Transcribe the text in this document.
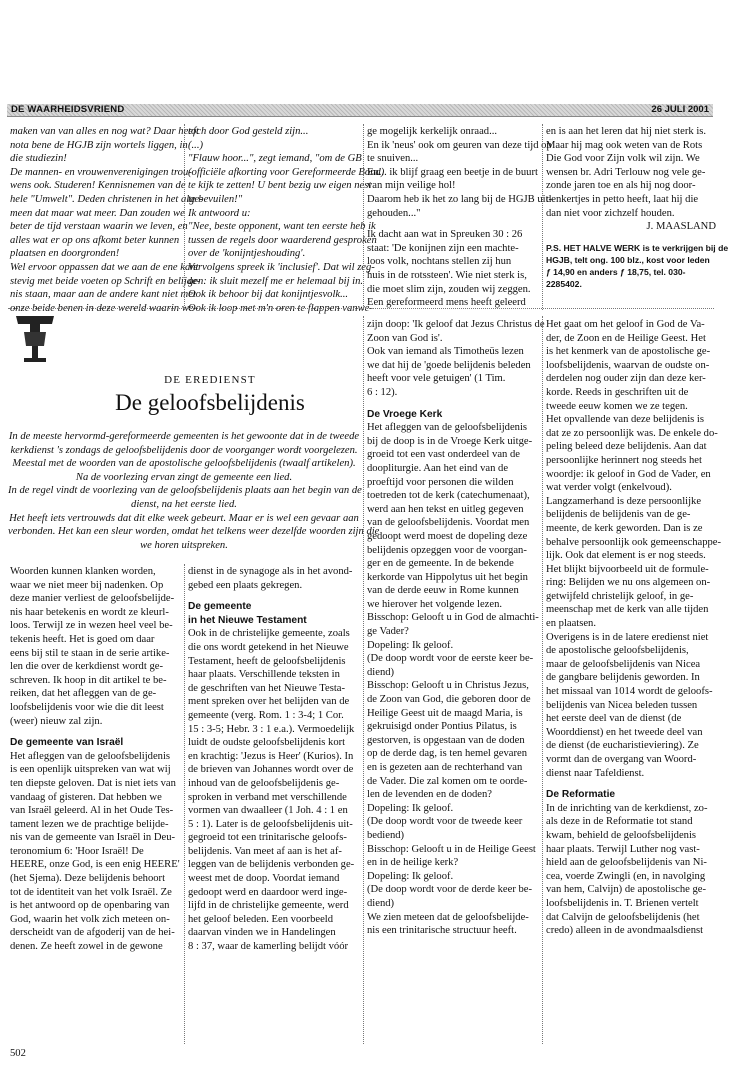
DE WAARHEIDSVRIEND	26 JULI 2001
maken van van alles en nog wat? Daar heeft
nota bene de HGJB zijn wortels liggen, in
die studiezin!
De mannen- en vrouwenverenigingen trou-
wens ook. Studeren! Kennisnemen van de
hele "Umwelt". Deden christenen in het alge-
meen dat maar wat meer. Dan zouden we
beter de tijd verstaan waarin we leven, en
alles wat er op ons afkomt beter kunnen
plaatsen en doorgronden!
Wel ervoor oppassen dat we aan de ene kant
stevig met beide voeten op Schrift en belijde-
nis staan, maar aan de andere kant niet met
onze beide benen in deze wereld waarin we
toch door God gesteld zijn...
(...)
"Flauw hoor...", zegt iemand, "om de GB
(officiële afkorting voor Gereformeerde Bond)
te kijk te zetten! U bent bezig uw eigen nest
te bevuilen!"
Ik antwoord u:
"Nee, beste opponent, want ten eerste heb ik
tussen de regels door waarderend gesproken
over de 'konijntjeshouding'.
Vervolgens spreek ik 'inclusief'. Dat wil zeg-
gen: ik sluit mezelf me er helemaal bij in.
Ook ik behoor bij dat konijntjesvolk...
Ook ik loop met m'n oren te flappen vanwe-
ge mogelijk kerkelijk onraad...
En ik 'neus' ook om geuren van deze tijd op
te snuiven...
En... ik blijf graag een beetje in de buurt
van mijn veilige hol!
Daarom heb ik het zo lang bij de HGJB uit-
gehouden..."

Ik dacht aan wat in Spreuken 30 : 26
staat: 'De konijnen zijn een machte-
loos volk, nochtans stellen zij hun
huis in de rotssteen'. Wie niet sterk is,
die moet slim zijn, zouden wij zeggen.
Een gereformeerd mens heeft geleerd
en is aan het leren dat hij niet sterk is.
Maar hij mag ook weten van de Rots
Die God voor Zijn volk wil zijn. We
wensen br. Adri Terlouw nog vele ge-
zonde jaren toe en als hij nog door-
denkertjes in petto heeft, laat hij die
dan niet voor zichzelf houden.
J. MAASLAND
P.S. HET HALVE WERK is te verkrijgen bij de
HGJB, telt ong. 100 blz., kost voor leden
ƒ 14,90 en anders ƒ 18,75, tel. 030-
2285402.
DE EREDIENST
De geloofsbelijdenis
In de meeste hervormd-gereformeerde gemeenten is het gewoonte dat in de tweede
kerkdienst 's zondags de geloofsbelijdenis door de voorganger wordt voorgelezen.
Meestal met de woorden van de apostolische geloofsbelijdenis (twaalf artikelen).
Na de voorlezing ervan zingt de gemeente een lied.
In de regel vindt de voorlezing van de geloofsbelijdenis plaats aan het begin van de
dienst, na het eerste lied.
Het heeft iets vertrouwds dat dit elke week gebeurt. Maar er is wel een gevaar aan
verbonden. Het kan een sleur worden, omdat het telkens weer dezelfde woorden zijn die
we horen uitspreken.
Woorden kunnen klanken worden,
waar we niet meer bij nadenken. Op
deze manier verliest de geloofsbelijde-
nis haar betekenis en wordt ze kleurl-
loos. Terwijl ze in wezen heel veel be-
tekenis heeft. Het is goed om daar
eens bij stil te staan in de serie artike-
len die over de kerkdienst wordt ge-
schreven. Ik hoop in dit artikel te be-
reiken, dat het afleggen van de ge-
loofsbelijdenis voor wie die dit leest
(weer) nieuw zal zijn.

De gemeente van Israël
Het afleggen van de geloofsbelijdenis
is een openlijk uitspreken van wat wij
ten diepste geloven. Dat is niet iets van
vandaag of gisteren. Dat hebben we
van Israël geleerd. Al in het Oude Tes-
tament lezen we de prachtige belijde-
nis van de gemeente van Israël in Deu-
teronomium 6: 'Hoor Israël! De
HEERE, onze God, is een enig HEERE'
(het Sjema). Deze belijdenis behoort
tot de identiteit van het volk Israël. Ze
is het antwoord op de openbaring van
God, waarin het volk zich meteen on-
derscheidt van de afgoderij van de hei-
denen. Ze heeft zowel in de gewone
dienst in de synagoge als in het avond-
gebed een plaats gekregen.

De gemeente
in het Nieuwe Testament
Ook in de christelijke gemeente, zoals
die ons wordt getekend in het Nieuwe
Testament, heeft de geloofsbelijdenis
haar plaats. Verschillende teksten in
de geschriften van het Nieuwe Testa-
ment spreken over het belijden van de
gemeente (verg. Rom. 1 : 3-4; 1 Cor.
15 : 3-5; Hebr. 3 : 1 e.a.). Vermoedelijk
luidt de oudste geloofsbelijdenis kort
en krachtig: 'Jezus is Heer' (Kurios). In
de brieven van Johannes wordt over de
inhoud van de geloofsbelijdenis ge-
sproken in verband met verschillende
vormen van dwaalleer (1 Joh. 4 : 1 en
5 : 1). Later is de geloofsbelijdenis uit-
gegroeid tot een trinitarische geloofs-
belijdenis. Van meet af aan is het af-
leggen van de belijdenis verbonden ge-
weest met de doop. Voordat iemand
gedoopt werd en daardoor werd inge-
lijfd in de christelijke gemeente, werd
het geloof beleden. Een voorbeeld
daarvan vinden we in Handelingen
8 : 37, waar de kamerling belijdt vóór
zijn doop: 'Ik geloof dat Jezus Christus de
Zoon van God is'.
Ook van iemand als Timotheüs lezen
we dat hij de 'goede belijdenis beleden
heeft voor vele getuigen' (1 Tim.
6 : 12).

De Vroege Kerk
Het afleggen van de geloofsbelijdenis
bij de doop is in de Vroege Kerk uitge-
groeid tot een vast onderdeel van de
doopliturgie. Aan het eind van de
proeftijd voor personen die wilden
toetreden tot de kerk (catechumenaat),
werd aan hen tekst en uitleg gegeven
van de geloofsbelijdenis. Voordat men
gedoopt werd moest de dopeling deze
belijdenis opzeggen voor de voorgan-
ger en de gemeente. In de bekende
kerkorde van Hippolytus uit het begin
van de derde eeuw in Rome kunnen
we hierover het volgende lezen.
Bisschop: Gelooft u in God de almachti-
ge Vader?
Dopeling: Ik geloof.
(De doop wordt voor de eerste keer be-
diend)
Bisschop: Gelooft u in Christus Jezus,
de Zoon van God, die geboren door de
Heilige Geest uit de maagd Maria, is
gekruisigd onder Pontius Pilatus, is
gestorven, is opgestaan van de doden
op de derde dag, is ten hemel gevaren
en is gezeten aan de rechterhand van
de Vader. Die zal komen om te oorde-
len de levenden en de doden?
Dopeling: Ik geloof.
(De doop wordt voor de tweede keer
bediend)
Bisschop: Gelooft u in de Heilige Geest
en in de heilige kerk?
Dopeling: Ik geloof.
(De doop wordt voor de derde keer be-
diend)
We zien meteen dat de geloofsbelijde-
nis een trinitarische structuur heeft.
Het gaat om het geloof in God de Va-
der, de Zoon en de Heilige Geest. Het
is het kenmerk van de apostolische ge-
loofsbelijdenis, waarvan de oudste on-
derdelen nog ouder zijn dan deze ker-
korde. Reeds in geschriften uit de
tweede eeuw komen we ze tegen.
Het opvallende van deze belijdenis is
dat ze zo persoonlijk was. De enkele do-
peling beleed deze belijdenis. Aan dat
persoonlijke herinnert nog steeds het
woordje: ik geloof in God de Vader, en
wat verder volgt (enkelvoud).
Langzamerhand is deze persoonlijke
belijdenis de belijdenis van de ge-
meente, de kerk geworden. Dan is ze
behalve persoonlijk ook gemeenschappe-
lijk. Ook dat element is er nog steeds.
Het blijkt bijvoorbeeld uit de formule-
ring: Belijden we nu ons algemeen on-
getwijfeld christelijk geloof, in ge-
meenschap met de kerk van alle tijden
en plaatsen.
Overigens is in de latere eredienst niet
de apostolische geloofsbelijdenis,
maar de geloofsbelijdenis van Nicea
de gangbare belijdenis geworden. In
het missaal van 1014 wordt de geloofs-
belijdenis van Nicea beleden tussen
het eerste deel van de dienst (de
Woorddienst) en het tweede deel van
de dienst (de eucharistieviering). Ze
vormt dan de overgang van Woord-
dienst naar Tafeldienst.

De Reformatie
In de inrichting van de kerkdienst, zo-
als deze in de Reformatie tot stand
kwam, behield de geloofsbelijdenis
haar plaats. Terwijl Luther nog vast-
hield aan de geloofsbelijdenis van Ni-
cea, voerde Zwingli (en, in navolging
van hem, Calvijn) de apostolische ge-
loofsbelijdenis in. T. Brienen vertelt
dat Calvijn de geloofsbelijdenis (het
credo) alleen in de avondmaalsdienst
502
